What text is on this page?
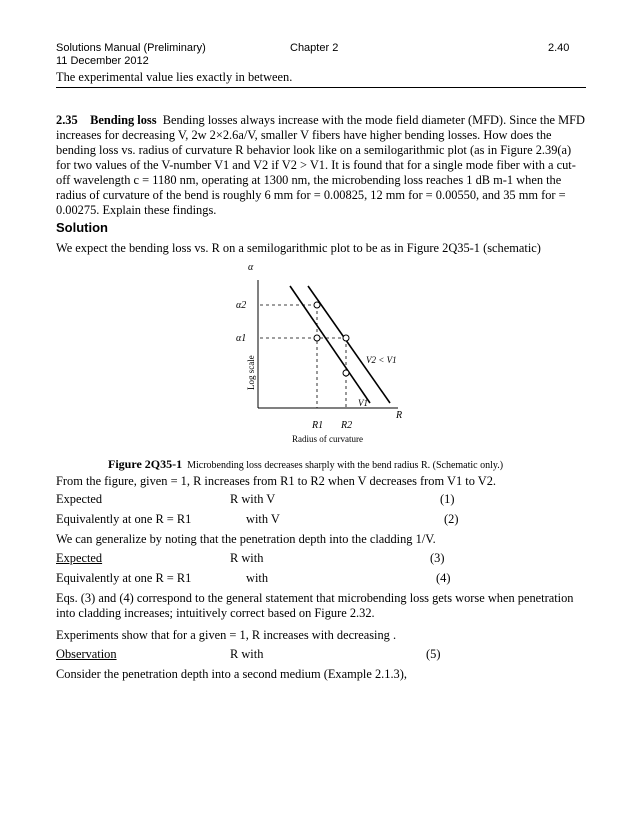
Solutions Manual (Preliminary)
11 December 2012
Chapter 2	2.40
The experimental value lies exactly in between.
2.35 Bending loss Bending losses always increase with the mode field diameter (MFD). Since the MFD increases for decreasing V, 2w 2×2.6a/V, smaller V fibers have higher bending losses. How does the bending loss vs. radius of curvature R behavior look like on a semilogarithmic plot (as in Figure 2.39(a) for two values of the V-number V1 and V2 if V2 > V1. It is found that for a single mode fiber with a cut-off wavelength c = 1180 nm, operating at 1300 nm, the microbending loss reaches 1 dB m-1 when the radius of curvature of the bend is roughly 6 mm for = 0.00825, 12 mm for = 0.00550, and 35 mm for = 0.00275. Explain these findings.
Solution
We expect the bending loss vs. R on a semilogarithmic plot to be as in Figure 2Q35-1 (schematic)
α
α2
α1
Log scale	V2 < V1
V1
R
R1 R2
Radius of curvature
Figure 2Q35-1 Microbending loss decreases sharply with the bend radius R. (Schematic only.)
From the figure, given = 1, R increases from R1 to R2 when V decreases from V1 to V2.
Expected	R with V	(1)
Equivalently at one R = R1	with V	(2)
We can generalize by noting that the penetration depth into the cladding 1/V.
Expected	R with	(3)
Equivalently at one R = R1	with	(4)
Eqs. (3) and (4) correspond to the general statement that microbending loss gets worse when penetration into cladding increases; intuitively correct based on Figure 2.32.
Experiments show that for a given = 1, R increases with decreasing .
Observation	R with	(5)
Consider the penetration depth into a second medium (Example 2.1.3),
